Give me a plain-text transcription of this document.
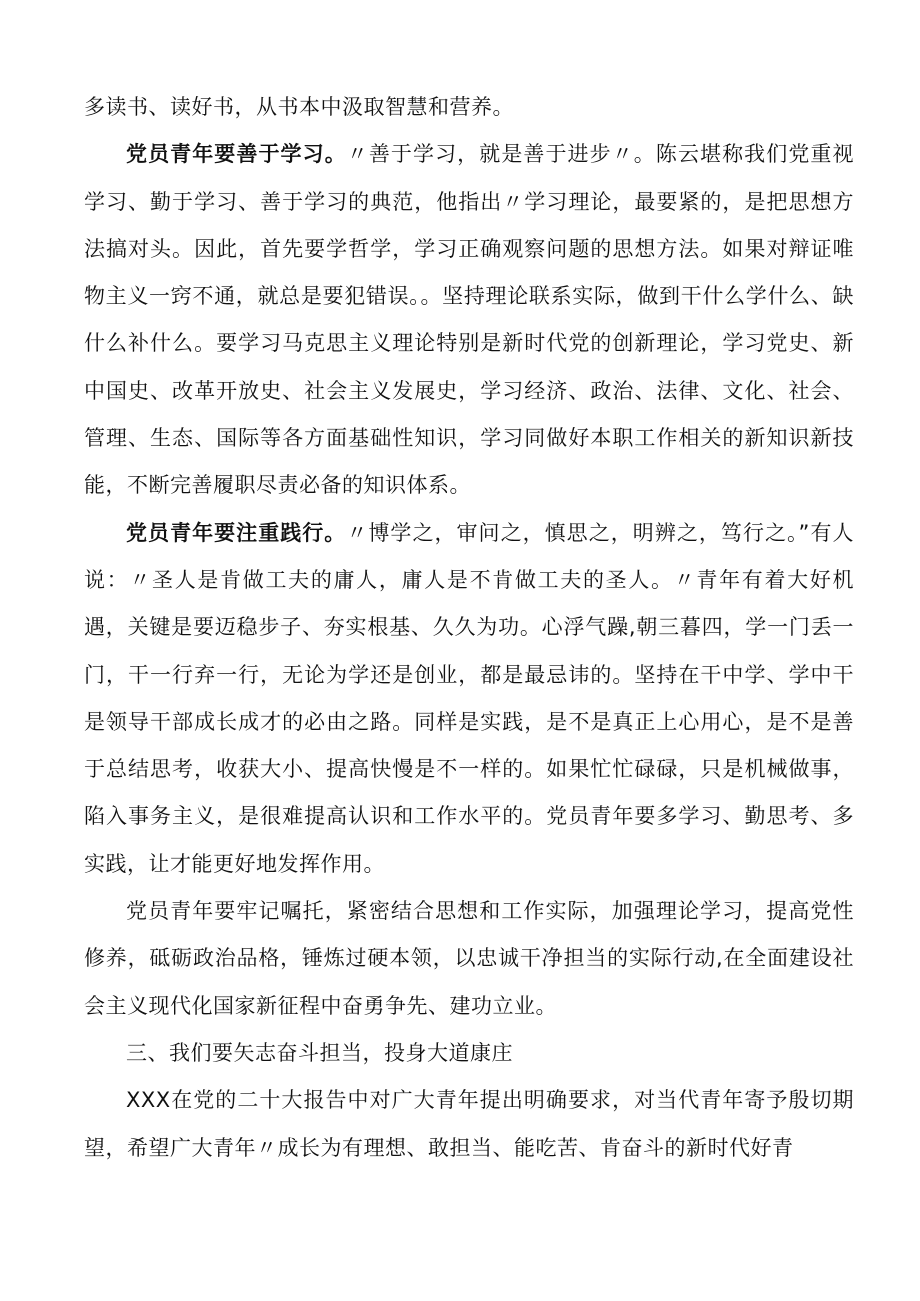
多读书、读好书，从书本中汲取智慧和营养。

党员青年要善于学习。〃善于学习，就是善于进步〃。陈云堪称我们党重视学习、勤于学习、善于学习的典范，他指出〃学习理论，最要紧的，是把思想方法搞对头。因此，首先要学哲学，学习正确观察问题的思想方法。如果对辩证唯物主义一窍不通，就总是要犯错误。。坚持理论联系实际，做到干什么学什么、缺什么补什么。要学习马克思主义理论特别是新时代党的创新理论，学习党史、新中国史、改革开放史、社会主义发展史，学习经济、政治、法律、文化、社会、管理、生态、国际等各方面基础性知识，学习同做好本职工作相关的新知识新技能，不断完善履职尽责必备的知识体系。

党员青年要注重践行。〃博学之，审问之，慎思之，明辨之，笃行之。”有人说：〃圣人是肯做工夫的庸人，庸人是不肯做工夫的圣人。〃青年有着大好机遇，关键是要迈稳步子、夯实根基、久久为功。心浮气躁,朝三暮四，学一门丢一门，干一行弃一行，无论为学还是创业，都是最忌讳的。坚持在干中学、学中干是领导干部成长成才的必由之路。同样是实践，是不是真正上心用心，是不是善于总结思考，收获大小、提高快慢是不一样的。如果忙忙碌碌，只是机械做事，陷入事务主义，是很难提高认识和工作水平的。党员青年要多学习、勤思考、多实践，让才能更好地发挥作用。

党员青年要牢记嘱托，紧密结合思想和工作实际，加强理论学习，提高党性修养，砥砺政治品格，锤炼过硬本领，以忠诚干净担当的实际行动,在全面建设社会主义现代化国家新征程中奋勇争先、建功立业。

三、我们要矢志奋斗担当，投身大道康庄

XXX在党的二十大报告中对广大青年提出明确要求，对当代青年寄予殷切期望，希望广大青年〃成长为有理想、敢担当、能吃苦、肯奋斗的新时代好青
